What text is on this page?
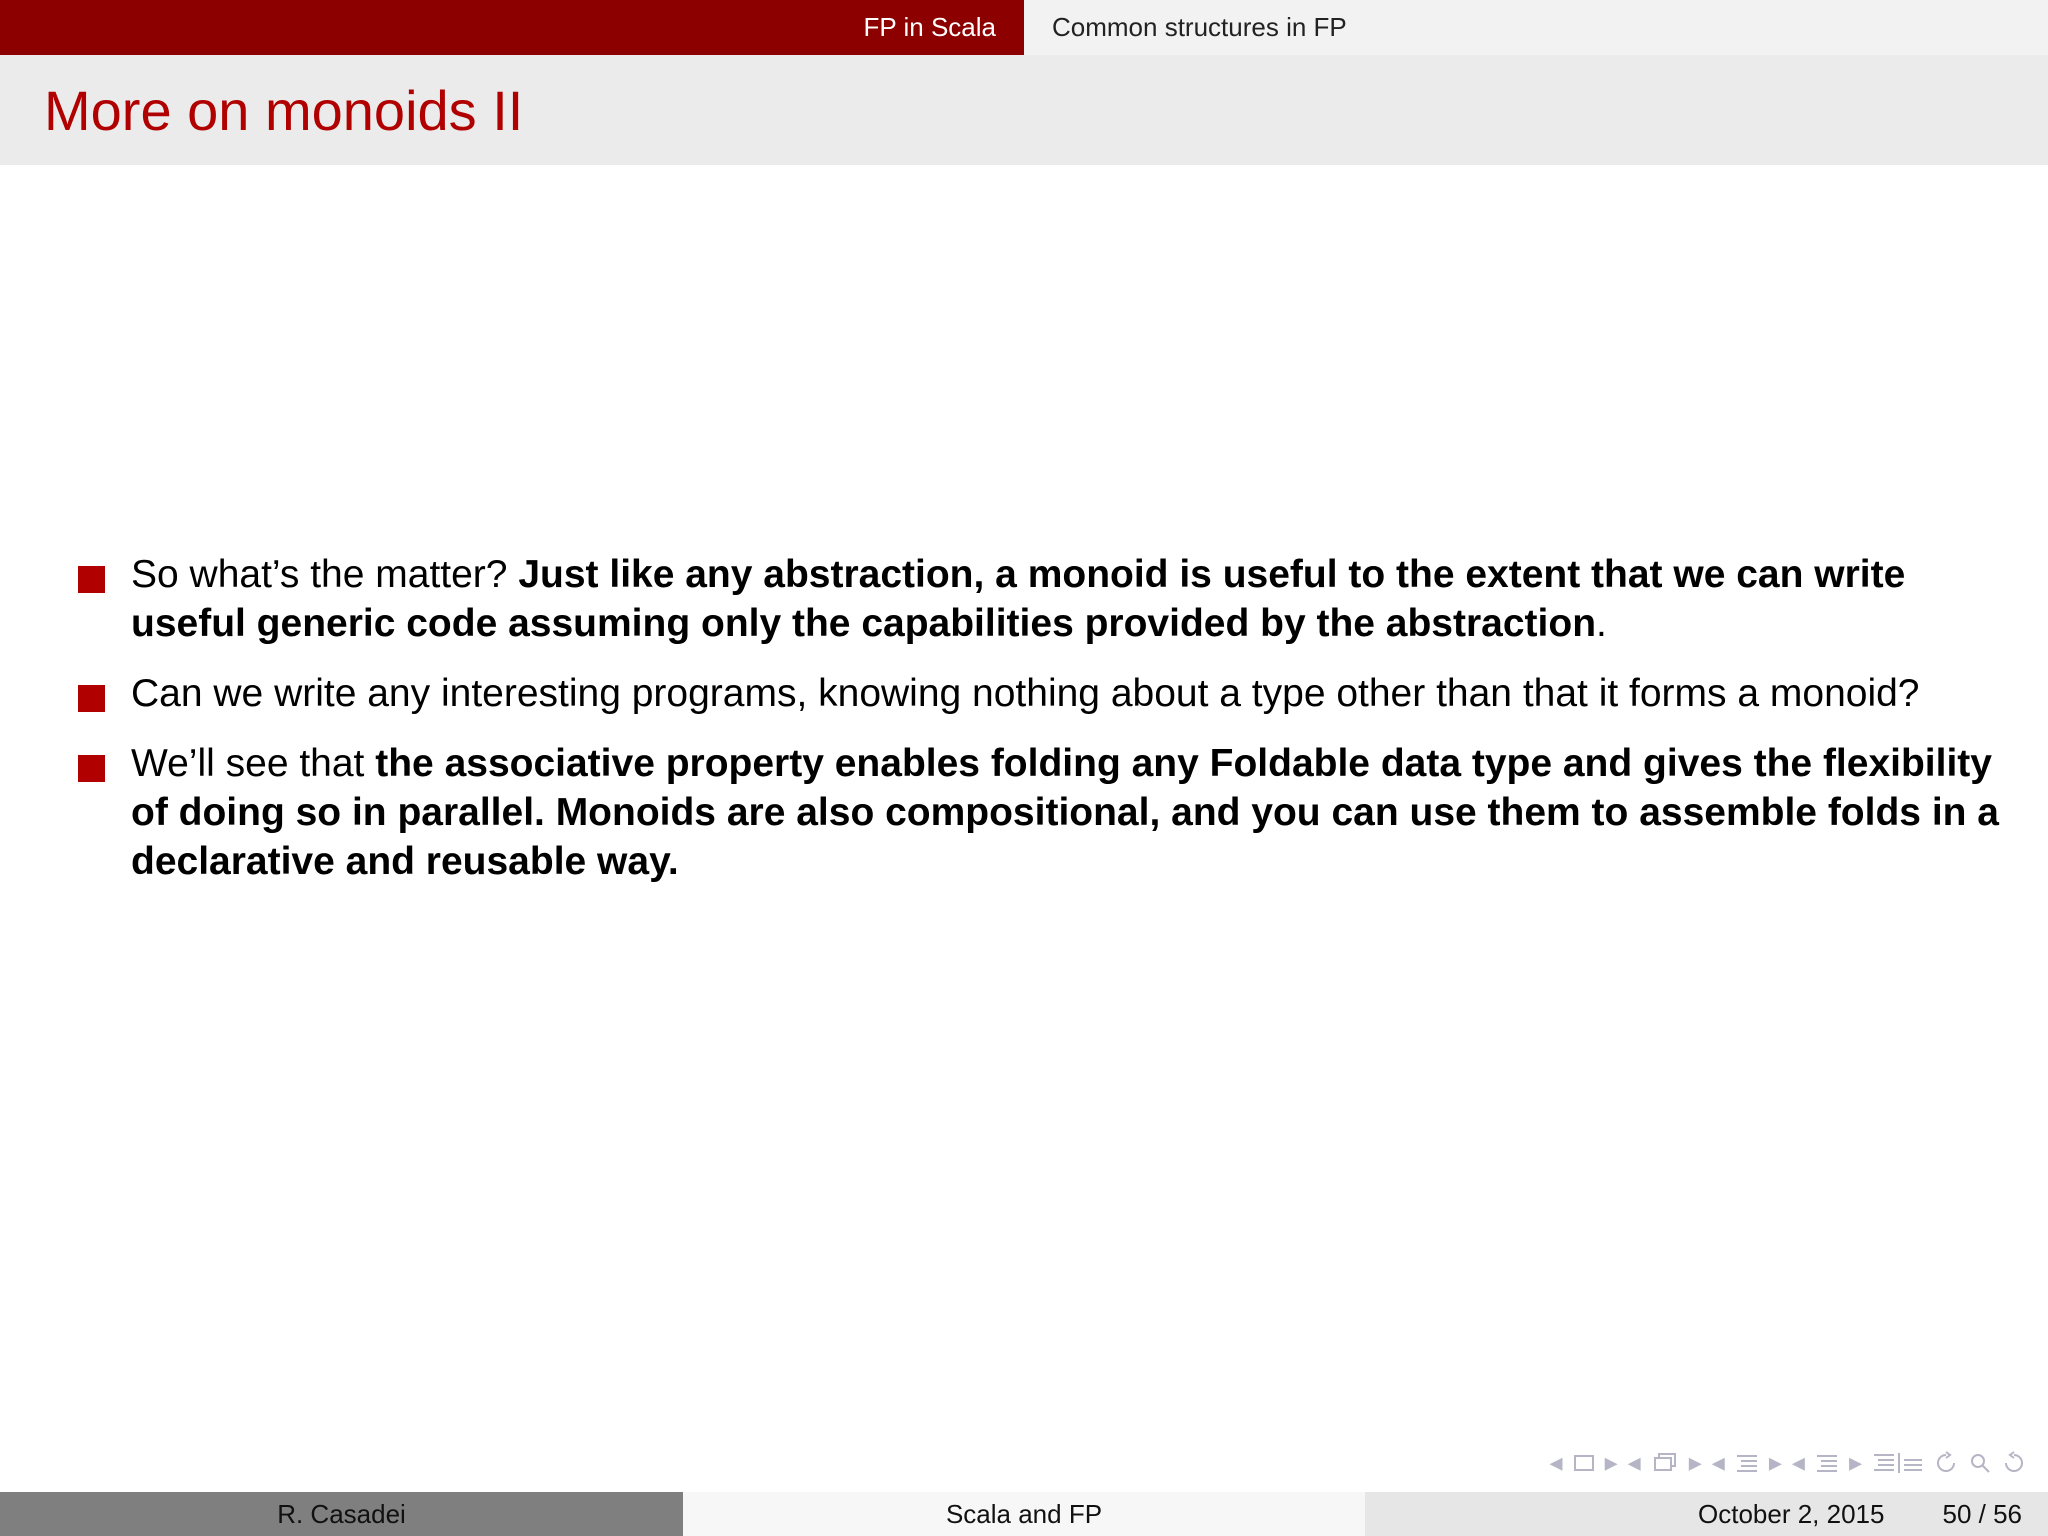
FP in Scala	Common structures in FP
More on monoids II
So what’s the matter? Just like any abstraction, a monoid is useful to the extent that we can write useful generic code assuming only the capabilities provided by the abstraction.
Can we write any interesting programs, knowing nothing about a type other than that it forms a monoid?
We’ll see that the associative property enables folding any Foldable data type and gives the flexibility of doing so in parallel. Monoids are also compositional, and you can use them to assemble folds in a declarative and reusable way.
◂ ▸ ◂ ▸ ◂ ▸ ◂ ▸
R. Casadei	Scala and FP	October 2, 2015 50 / 56
